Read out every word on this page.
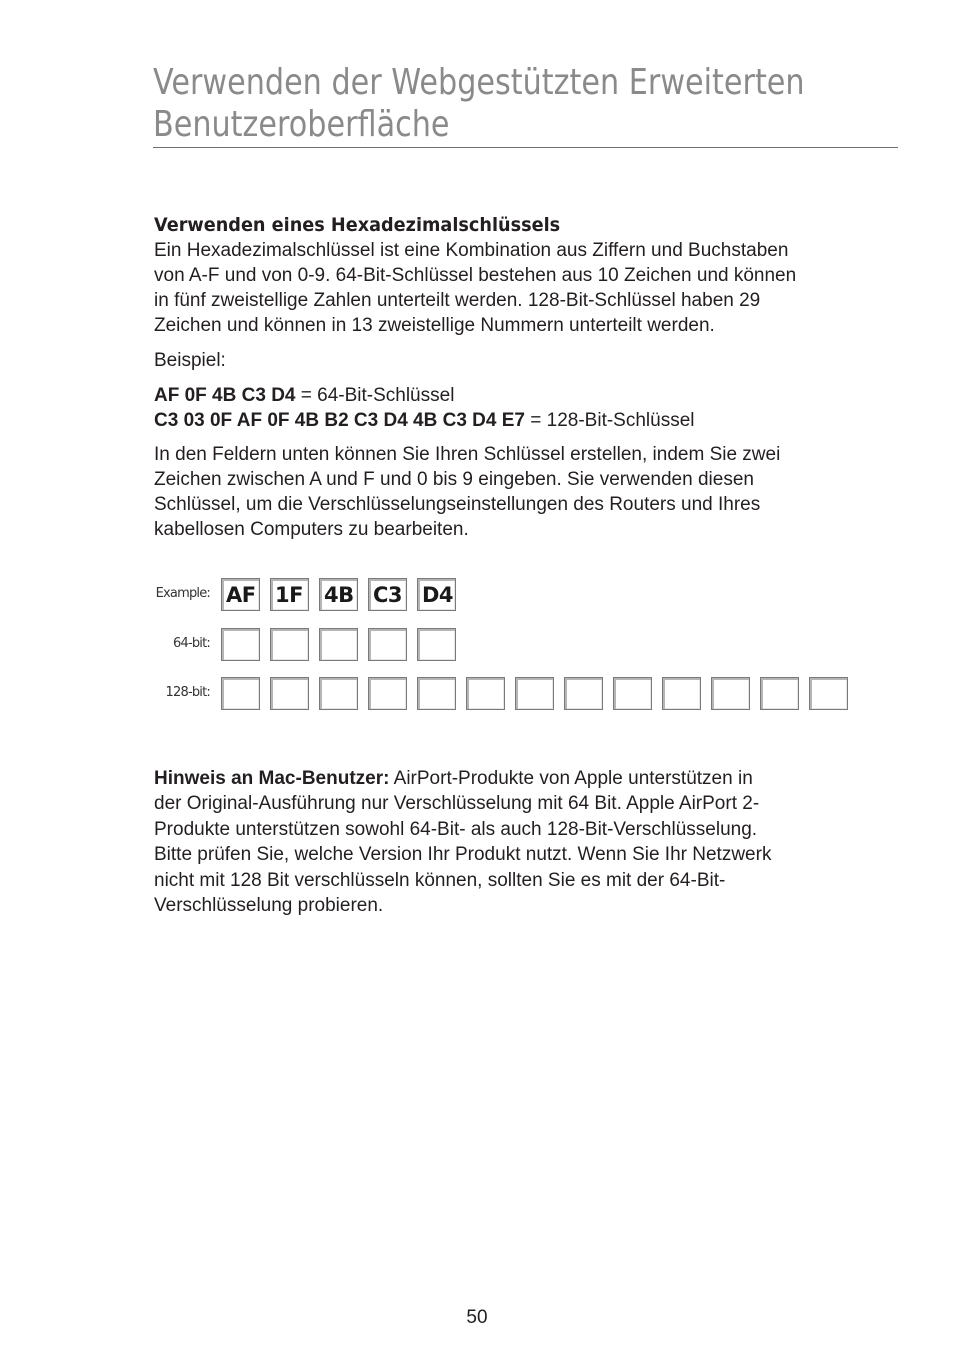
Verwenden der Webgestützten Erweiterten
Benutzeroberfläche
Verwenden eines Hexadezimalschlüssels

Ein Hexadezimalschlüssel ist eine Kombination aus Ziffern und Buchstaben
von A-F und von 0-9. 64-Bit-Schlüssel bestehen aus 10 Zeichen und können
in fünf zweistellige Zahlen unterteilt werden. 128-Bit-Schlüssel haben 29
Zeichen und können in 13 zweistellige Nummern unterteilt werden.

Beispiel:

AF 0F 4B C3 D4 = 64-Bit-Schlüssel
C3 03 0F AF 0F 4B B2 C3 D4 4B C3 D4 E7 = 128-Bit-Schlüssel

In den Feldern unten können Sie Ihren Schlüssel erstellen, indem Sie zwei
Zeichen zwischen A und F und 0 bis 9 eingeben. Sie verwenden diesen
Schlüssel, um die Verschlüsselungseinstellungen des Routers und Ihres
kabellosen Computers zu bearbeiten.

Example: AF 1F 4B C3 D4
64-bit:
128-bit:
Hinweis an Mac-Benutzer: AirPort-Produkte von Apple unterstützen in
der Original-Ausführung nur Verschlüsselung mit 64 Bit. Apple AirPort 2-
Produkte unterstützen sowohl 64-Bit- als auch 128-Bit-Verschlüsselung.
Bitte prüfen Sie, welche Version Ihr Produkt nutzt. Wenn Sie Ihr Netzwerk
nicht mit 128 Bit verschlüsseln können, sollten Sie es mit der 64-Bit-
Verschlüsselung probieren.
50
